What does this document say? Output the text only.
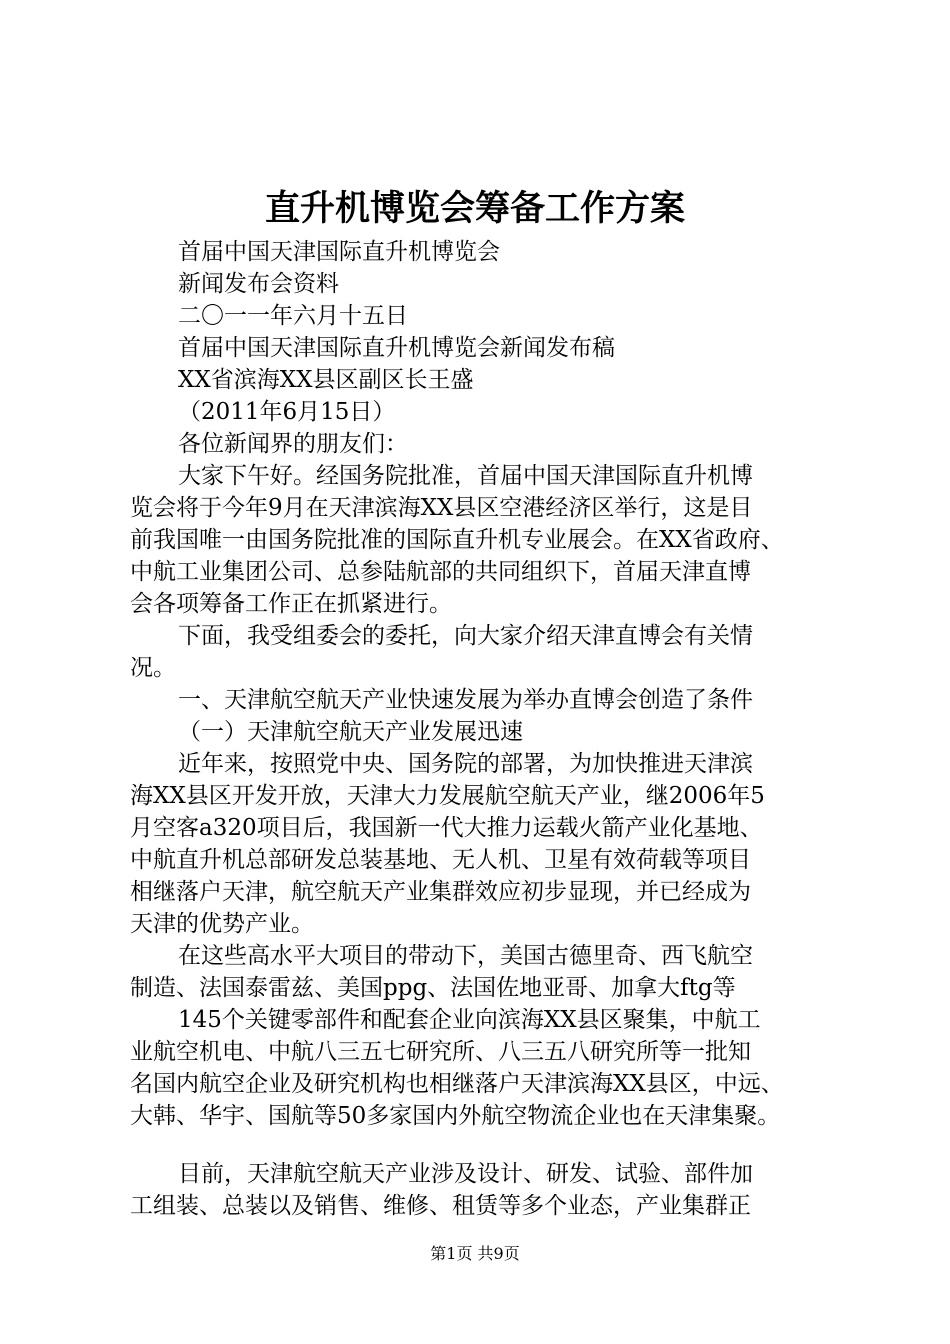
直升机博览会筹备工作方案
首届中国天津国际直升机博览会
新闻发布会资料
二〇一一年六月十五日
首届中国天津国际直升机博览会新闻发布稿
XX省滨海XX县区副区长王盛
（2011年6月15日）
各位新闻界的朋友们：
大家下午好。经国务院批准，首届中国天津国际直升机博
览会将于今年9月在天津滨海XX县区空港经济区举行，这是目
前我国唯一由国务院批准的国际直升机专业展会。在XX省政府、
中航工业集团公司、总参陆航部的共同组织下，首届天津直博
会各项筹备工作正在抓紧进行。
下面，我受组委会的委托，向大家介绍天津直博会有关情
况。
一、天津航空航天产业快速发展为举办直博会创造了条件
（一）天津航空航天产业发展迅速
近年来，按照党中央、国务院的部署，为加快推进天津滨
海XX县区开发开放，天津大力发展航空航天产业，继2006年5
月空客a320项目后，我国新一代大推力运载火箭产业化基地、
中航直升机总部研发总装基地、无人机、卫星有效荷载等项目
相继落户天津，航空航天产业集群效应初步显现，并已经成为
天津的优势产业。
在这些高水平大项目的带动下，美国古德里奇、西飞航空
制造、法国泰雷兹、美国ppg、法国佐地亚哥、加拿大ftg等
145个关键零部件和配套企业向滨海XX县区聚集，中航工
业航空机电、中航八三五七研究所、八三五八研究所等一批知
名国内航空企业及研究机构也相继落户天津滨海XX县区，中远、
大韩、华宇、国航等50多家国内外航空物流企业也在天津集聚。
目前，天津航空航天产业涉及设计、研发、试验、部件加
工组装、总装以及销售、维修、租赁等多个业态，产业集群正
第1页 共9页
